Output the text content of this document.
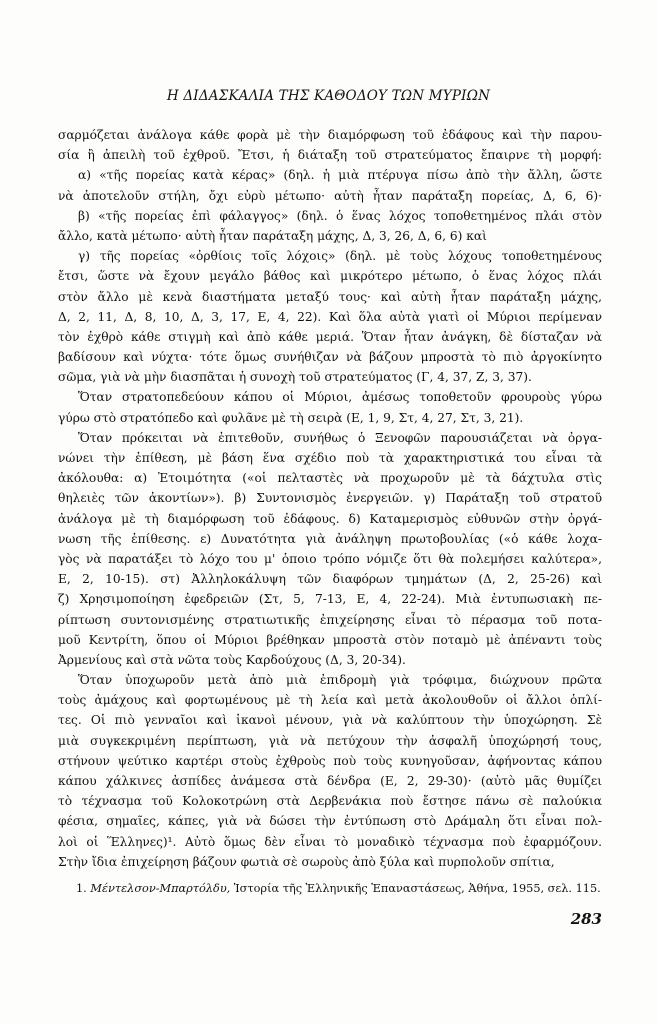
Η ΔΙΔΑΣΚΑΛΙΑ ΤΗΣ ΚΑΘΟΔΟΥ ΤΩΝ ΜΥΡΙΩΝ
σαρμόζεται ἀνάλογα κάθε φορὰ μὲ τὴν διαμόρφωση τοῦ ἐδάφους καὶ τὴν παρου-
σία ἢ ἀπειλὴ τοῦ ἐχθροῦ. Ἔτσι, ἡ διάταξη τοῦ στρατεύματος ἔπαιρνε τὴ μορφή:
α) «τῆς πορείας κατὰ κέρας» (δηλ. ἡ μιὰ πτέρυγα πίσω ἀπὸ τὴν ἄλλη, ὥστε
νὰ ἀποτελοῦν στήλη, ὄχι εὐρὺ μέτωπο· αὐτὴ ἦταν παράταξη πορείας, Δ, 6, 6)·
β) «τῆς πορείας ἐπὶ φάλαγγος» (δηλ. ὁ ἕνας λόχος τοποθετημένος πλάι στὸν
ἄλλο, κατὰ μέτωπο· αὐτὴ ἦταν παράταξη μάχης, Δ, 3, 26, Δ, 6, 6) καὶ
γ) τῆς πορείας «ὀρθίοις τοῖς λόχοις» (δηλ. μὲ τοὺς λόχους τοποθετημένους
ἔτσι, ὥστε νὰ ἔχουν μεγάλο βάθος καὶ μικρότερο μέτωπο, ὁ ἕνας λόχος πλάι
στὸν ἄλλο μὲ κενὰ διαστήματα μεταξύ τους· καὶ αὐτὴ ἦταν παράταξη μάχης,
Δ, 2, 11, Δ, 8, 10, Δ, 3, 17, Ε, 4, 22). Καὶ ὅλα αὐτὰ γιατὶ οἱ Μύριοι περίμεναν
τὸν ἐχθρὸ κάθε στιγμὴ καὶ ἀπὸ κάθε μεριά. Ὅταν ἦταν ἀνάγκη, δὲ δίσταζαν νὰ
βαδίσουν καὶ νύχτα· τότε ὅμως συνήθιζαν νὰ βάζουν μπροστὰ τὸ πιὸ ἀργοκίνητο
σῶμα, γιὰ νὰ μὴν διασπᾶται ἡ συνοχὴ τοῦ στρατεύματος (Γ, 4, 37, Ζ, 3, 37).
Ὅταν στρατοπεδεύουν κάπου οἱ Μύριοι, ἀμέσως τοποθετοῦν φρουροὺς γύρω
γύρω στὸ στρατόπεδο καὶ φυλᾶνε μὲ τὴ σειρὰ (Ε, 1, 9, Στ, 4, 27, Στ, 3, 21).
Ὅταν πρόκειται νὰ ἐπιτεθοῦν, συνήθως ὁ Ξενοφῶν παρουσιάζεται νὰ ὀργα-
νώνει τὴν ἐπίθεση, μὲ βάση ἕνα σχέδιο ποὺ τὰ χαρακτηριστικά του εἶναι τὰ
ἀκόλουθα: α) Ἑτοιμότητα («οἱ πελταστὲς νὰ προχωροῦν μὲ τὰ δάχτυλα στὶς
θηλειὲς τῶν ἀκοντίων»). β) Συντονισμὸς ἐνεργειῶν. γ) Παράταξη τοῦ στρατοῦ
ἀνάλογα μὲ τὴ διαμόρφωση τοῦ ἐδάφους. δ) Καταμερισμὸς εὐθυνῶν στὴν ὀργά-
νωση τῆς ἐπίθεσης. ε) Δυνατότητα γιὰ ἀνάληψη πρωτοβουλίας («ὁ κάθε λοχα-
γὸς νὰ παρατάξει τὸ λόχο του μ' ὁποιο τρόπο νόμιζε ὅτι θὰ πολεμήσει καλύτερα»,
Ε, 2, 10-15). στ) Ἀλληλοκάλυψη τῶν διαφόρων τμημάτων (Δ, 2, 25-26) καὶ
ζ) Χρησιμοποίηση ἐφεδρειῶν (Στ, 5, 7-13, Ε, 4, 22-24). Μιὰ ἐντυπωσιακὴ πε-
ρίπτωση συντονισμένης στρατιωτικῆς ἐπιχείρησης εἶναι τὸ πέρασμα τοῦ ποτα-
μοῦ Κεντρίτη, ὅπου οἱ Μύριοι βρέθηκαν μπροστὰ στὸν ποταμὸ μὲ ἀπέναντι τοὺς
Ἀρμενίους καὶ στὰ νῶτα τοὺς Καρδούχους (Δ, 3, 20-34).
Ὅταν ὑποχωροῦν μετὰ ἀπὸ μιὰ ἐπιδρομὴ γιὰ τρόφιμα, διώχνουν πρῶτα
τοὺς ἀμάχους καὶ φορτωμένους μὲ τὴ λεία καὶ μετὰ ἀκολουθοῦν οἱ ἄλλοι ὁπλί-
τες. Οἱ πιὸ γενναῖοι καὶ ἱκανοὶ μένουν, γιὰ νὰ καλύπτουν τὴν ὑποχώρηση. Σὲ
μιὰ συγκεκριμένη περίπτωση, γιὰ νὰ πετύχουν τὴν ἀσφαλῆ ὑποχώρησή τους,
στήνουν ψεύτικο καρτέρι στοὺς ἐχθροὺς ποὺ τοὺς κυνηγοῦσαν, ἀφήνοντας κάπου
κάπου χάλκινες ἀσπίδες ἀνάμεσα στὰ δένδρα (Ε, 2, 29-30)· (αὐτὸ μᾶς θυμίζει
τὸ τέχνασμα τοῦ Κολοκοτρώνη στὰ Δερβενάκια ποὺ ἔστησε πάνω σὲ παλούκια
φέσια, σημαῖες, κάπες, γιὰ νὰ δώσει τὴν ἐντύπωση στὸ Δράμαλη ὅτι εἶναι πολ-
λοὶ οἱ Ἕλληνες)¹. Αὐτὸ ὅμως δὲν εἶναι τὸ μοναδικὸ τέχνασμα ποὺ ἐφαρμόζουν.
Στὴν ἴδια ἐπιχείρηση βάζουν φωτιὰ σὲ σωροὺς ἀπὸ ξύλα καὶ πυρπολοῦν σπίτια,
1. Μέντελσον-Μπαρτόλδυ, Ἱστορία τῆς Ἑλληνικῆς Ἐπαναστάσεως, Ἀθήνα, 1955, σελ. 115.
283
